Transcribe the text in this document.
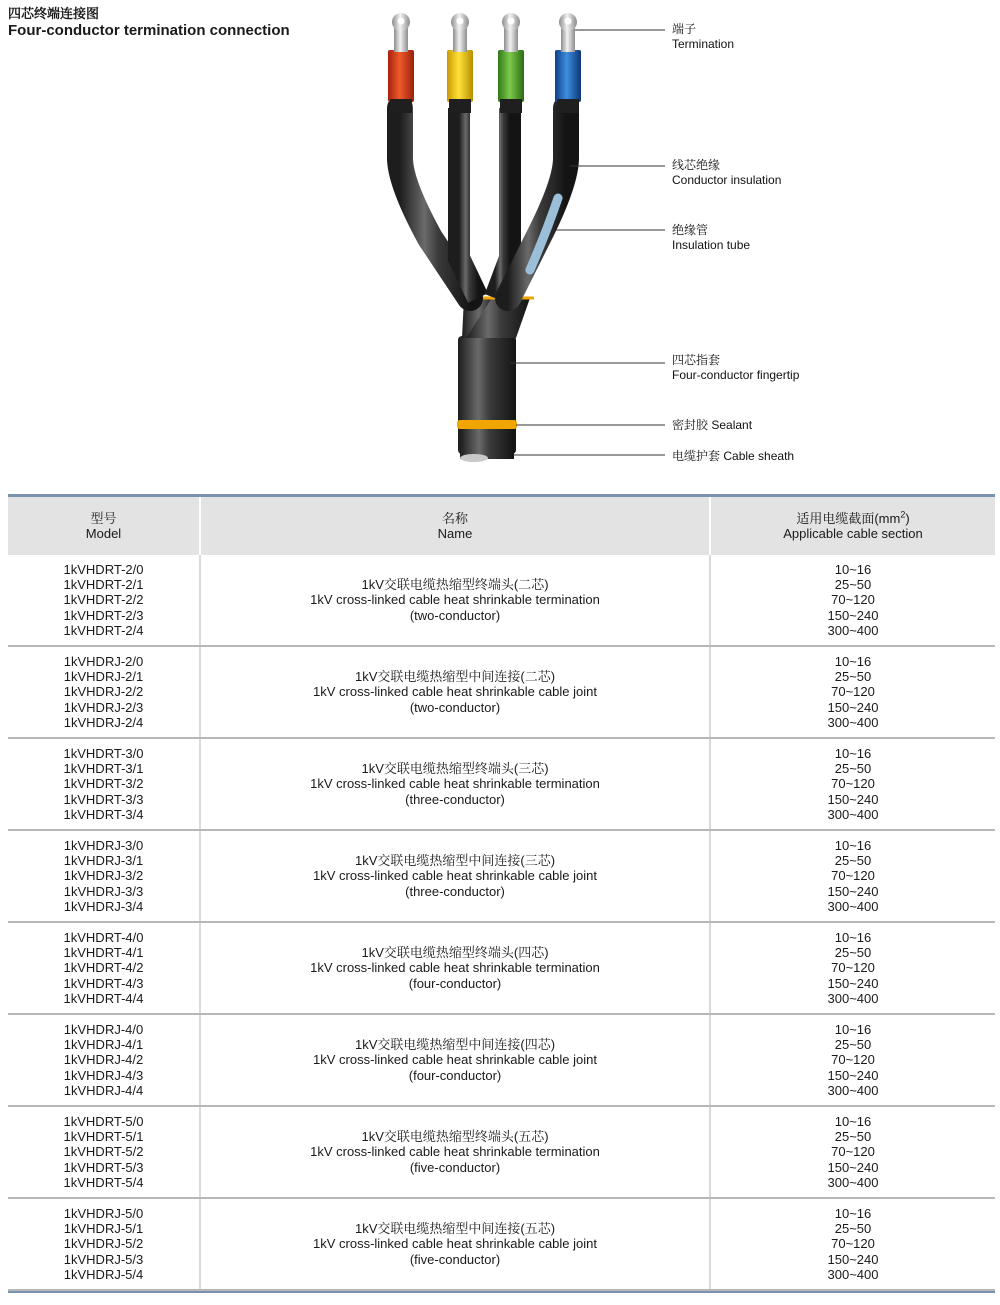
四芯终端连接图
Four-conductor termination connection	端子
Termination
线芯绝缘
Conductor insulation
绝缘管
Insulation tube
四芯指套
Four-conductor fingertip
密封胶 Sealant
电缆护套 Cable sheath
型号
Model	名称
Name	适用电缆截面$(mm^2)$
Applicable cable section

1kVHDRT-2/0
1kVHDRT-2/1
1kVHDRT-2/2
1kVHDRT-2/3
1kVHDRT-2/4	1kV交联电缆热缩型终端头(二芯)
1kV cross-linked cable heat shrinkable termination
(two-conductor)	10~16
25~50
70~120
150~240
300~400

1kVHDRJ-2/0
1kVHDRJ-2/1
1kVHDRJ-2/2
1kVHDRJ-2/3
1kVHDRJ-2/4	1kV交联电缆热缩型中间连接(二芯)
1kV cross-linked cable heat shrinkable cable joint
(two-conductor)	10~16
25~50
70~120
150~240
300~400

1kVHDRT-3/0
1kVHDRT-3/1
1kVHDRT-3/2
1kVHDRT-3/3
1kVHDRT-3/4	1kV交联电缆热缩型终端头(三芯)
1kV cross-linked cable heat shrinkable termination
(three-conductor)	10~16
25~50
70~120
150~240
300~400

1kVHDRJ-3/0
1kVHDRJ-3/1
1kVHDRJ-3/2
1kVHDRJ-3/3
1kVHDRJ-3/4	1kV交联电缆热缩型中间连接(三芯)
1kV cross-linked cable heat shrinkable cable joint
(three-conductor)	10~16
25~50
70~120
150~240
300~400

1kVHDRT-4/0
1kVHDRT-4/1
1kVHDRT-4/2
1kVHDRT-4/3
1kVHDRT-4/4	1kV交联电缆热缩型终端头(四芯)
1kV cross-linked cable heat shrinkable termination
(four-conductor)	10~16
25~50
70~120
150~240
300~400

1kVHDRJ-4/0
1kVHDRJ-4/1
1kVHDRJ-4/2
1kVHDRJ-4/3
1kVHDRJ-4/4	1kV交联电缆热缩型中间连接(四芯)
1kV cross-linked cable heat shrinkable cable joint
(four-conductor)	10~16
25~50
70~120
150~240
300~400

1kVHDRT-5/0
1kVHDRT-5/1
1kVHDRT-5/2
1kVHDRT-5/3
1kVHDRT-5/4	1kV交联电缆热缩型终端头(五芯)
1kV cross-linked cable heat shrinkable termination
(five-conductor)	10~16
25~50
70~120
150~240
300~400

1kVHDRJ-5/0
1kVHDRJ-5/1
1kVHDRJ-5/2
1kVHDRJ-5/3
1kVHDRJ-5/4	1kV交联电缆热缩型中间连接(五芯)
1kV cross-linked cable heat shrinkable cable joint
(five-conductor)	10~16
25~50
70~120
150~240
300~400
